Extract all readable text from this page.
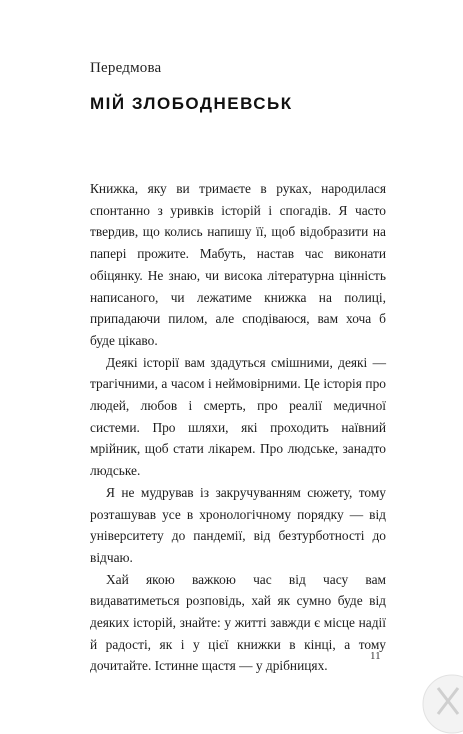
Передмова
МІЙ ЗЛОБОДНЕВСЬК

Книжка, яку ви тримаєте в руках, народилася спонтанно з уривків історій і спогадів. Я часто твердив, що колись напишу її, щоб відобразити на папері прожите. Мабуть, настав час виконати обіцянку. Не знаю, чи висока літературна цінність написаного, чи лежатиме книжка на полиці, припадаючи пилом, але сподіваюся, вам хоча б буде цікаво.

Деякі історії вам здадуться смішними, деякі — трагічними, а часом і неймовірними. Це історія про людей, любов і смерть, про реалії медичної системи. Про шляхи, які проходить наївний мрійник, щоб стати лікарем. Про людське, занадто людське.

Я не мудрував із закручуванням сюжету, тому розташував усе в хронологічному порядку — від університету до пандемії, від безтурботності до відчаю.

Хай якою важкою час від часу вам видаватиметься розповідь, хай як сумно буде від деяких історій, знайте: у житті завжди є місце надії й радості, як і у цієї книжки в кінці, а тому дочитайте. Істинне щастя — у дрібницях.

11
